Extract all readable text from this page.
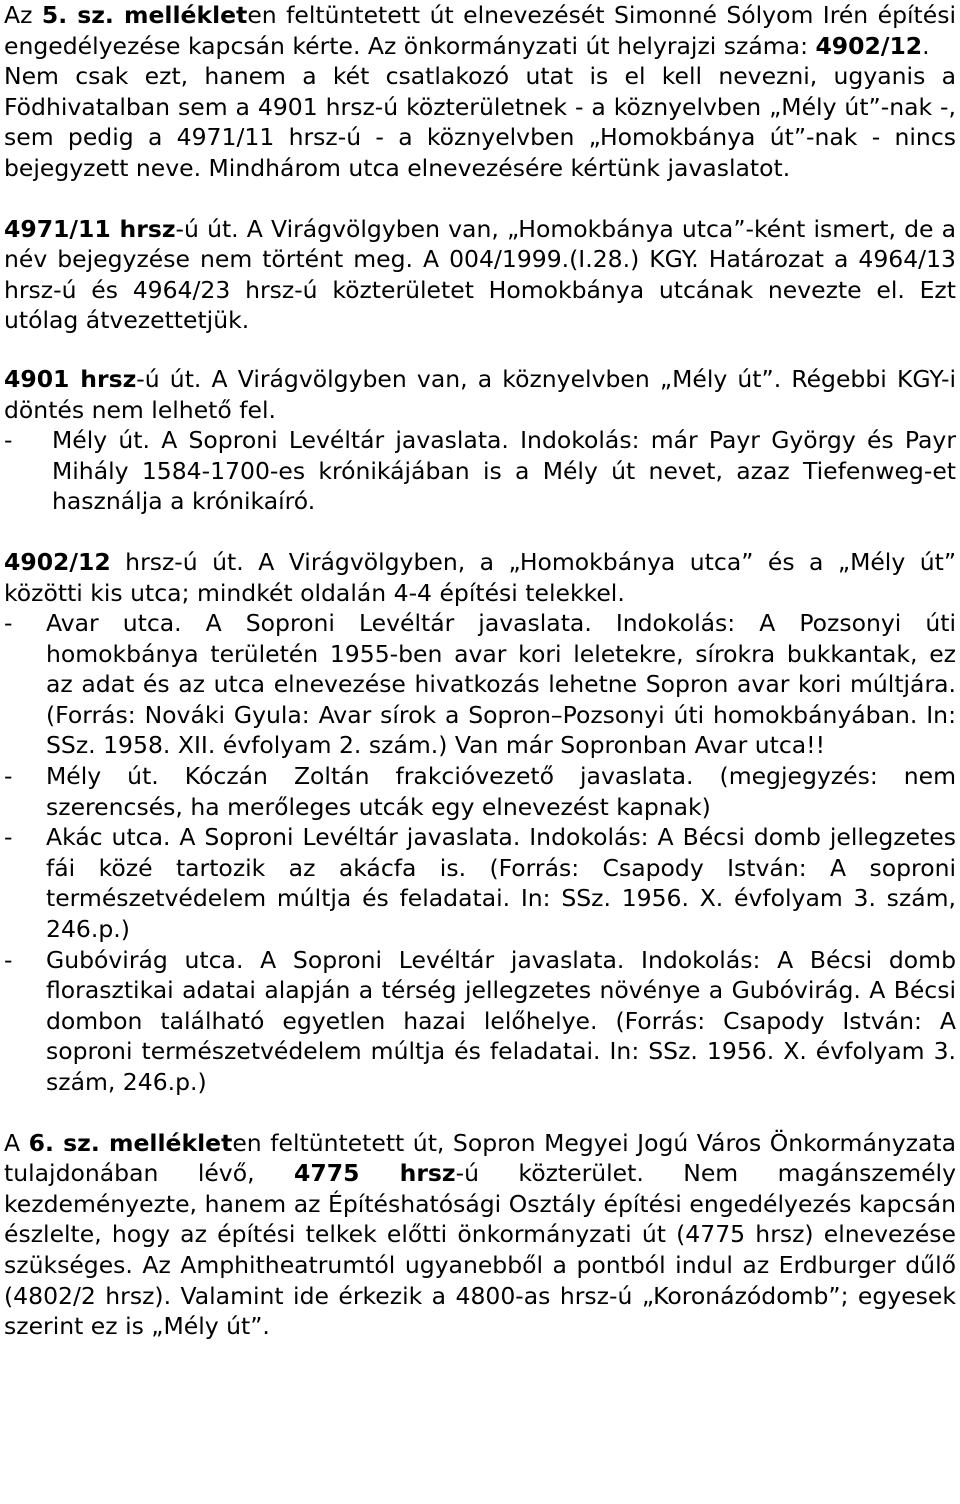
Az 5. sz. mellékleten feltüntetett út elnevezését Simonné Sólyom Irén építési engedélyezése kapcsán kérte. Az önkormányzati út helyrajzi száma: 4902/12.

Nem csak ezt, hanem a két csatlakozó utat is el kell nevezni, ugyanis a Födhivatalban sem a 4901 hrsz-ú közterületnek - a köznyelvben „Mély út”-nak -, sem pedig a 4971/11 hrsz-ú - a köznyelvben „Homokbánya út”-nak - nincs bejegyzett neve. Mindhárom utca elnevezésére kértünk javaslatot.

4971/11 hrsz-ú út. A Virágvölgyben van, „Homokbánya utca”-ként ismert, de a név bejegyzése nem történt meg. A 004/1999.(I.28.) KGY. Határozat a 4964/13 hrsz-ú és 4964/23 hrsz-ú közterületet Homokbánya utcának nevezte el. Ezt utólag átvezettetjük.

4901 hrsz-ú út. A Virágvölgyben van, a köznyelvben „Mély út”. Régebbi KGY-i döntés nem lelhető fel.

-	Mély út. A Soproni Levéltár javaslata. Indokolás: már Payr György és Payr Mihály 1584-1700-es krónikájában is a Mély út nevet, azaz Tiefenweg-et használja a krónikaíró.

4902/12 hrsz-ú út. A Virágvölgyben, a „Homokbánya utca” és a „Mély út” közötti kis utca; mindkét oldalán 4-4 építési telekkel.

-	Avar utca. A Soproni Levéltár javaslata. Indokolás: A Pozsonyi úti homokbánya területén 1955-ben avar kori leletekre, sírokra bukkantak, ez az adat és az utca elnevezése hivatkozás lehetne Sopron avar kori múltjára. (Forrás: Nováki Gyula: Avar sírok a Sopron–Pozsonyi úti homokbányában. In: SSz. 1958. XII. évfolyam 2. szám.) Van már Sopronban Avar utca!!
-	Mély út. Kóczán Zoltán frakcióvezető javaslata. (megjegyzés: nem szerencsés, ha merőleges utcák egy elnevezést kapnak)
-	Akác utca. A Soproni Levéltár javaslata. Indokolás: A Bécsi domb jellegzetes fái közé tartozik az akácfa is. (Forrás: Csapody István: A soproni természetvédelem múltja és feladatai. In: SSz. 1956. X. évfolyam 3. szám, 246.p.)
-	Gubóvirág utca. A Soproni Levéltár javaslata. Indokolás: A Bécsi domb florasztikai adatai alapján a térség jellegzetes növénye a Gubóvirág. A Bécsi dombon található egyetlen hazai lelőhelye. (Forrás: Csapody István: A soproni természetvédelem múltja és feladatai. In: SSz. 1956. X. évfolyam 3. szám, 246.p.)

A 6. sz. mellékleten feltüntetett út, Sopron Megyei Jogú Város Önkormányzata tulajdonában lévő, 4775 hrsz-ú közterület. Nem magánszemély kezdeményezte, hanem az Építéshatósági Osztály építési engedélyezés kapcsán észlelte, hogy az építési telkek előtti önkormányzati út (4775 hrsz) elnevezése szükséges. Az Amphitheatrumtól ugyanebből a pontból indul az Erdburger dűlő (4802/2 hrsz). Valamint ide érkezik a 4800-as hrsz-ú „Koronázódomb”; egyesek szerint ez is „Mély út”.
